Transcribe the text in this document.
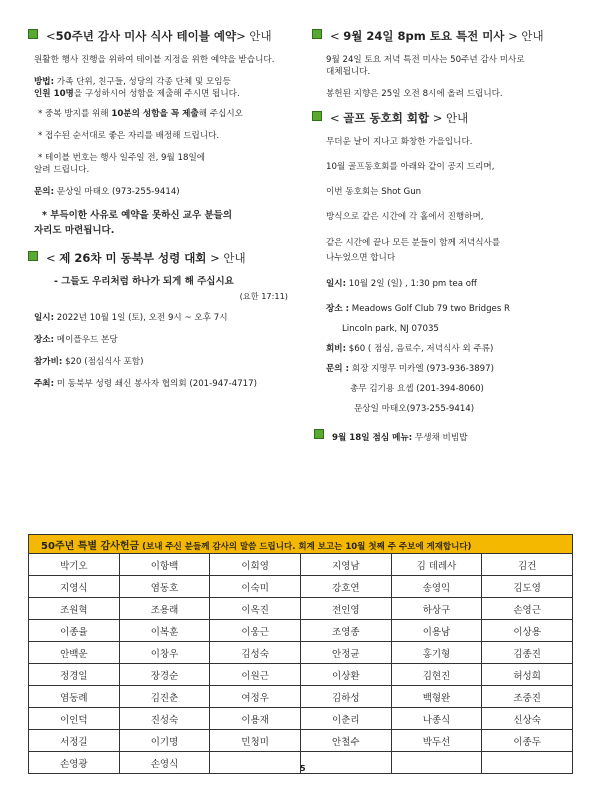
<50주년 감사 미사 식사 테이블 예약> 안내
원활한 행사 진행을 위하여 테이블 지정을 위한 예약을 받습니다.
방법: 가족 단위, 친구들, 성당의 각종 단체 및 모임등
인원 10명을 구성하시어 성함을 제출해 주시면 됩니다.
* 중복 방지를 위해 10분의 성함을 꼭 제출해 주십시오
* 접수된 순서대로 좋은 자리를 배정해 드립니다.
* 테이블 번호는 행사 일주일 전, 9월 18일에
알려 드립니다.
문의: 문상일 마태오 (973-255-9414)
* 부득이한 사유로 예약을 못하신 교우 분들의
자리도 마련됩니다.
< 제 26차 미 동북부 성령 대회 > 안내
- 그들도 우리처럼 하나가 되게 해 주십시요
(요한 17:11)
일시: 2022년 10월 1일 (토), 오전 9시 ~ 오후 7시
장소: 메이플우드 본당
참가비: $20 (점심식사 포함)
주최: 미 동북부 성령 쇄신 봉사자 협의회 (201-947-4717)
< 9월 24일 8pm 토요 특전 미사 > 안내
9월 24일 토요 저녁 특전 미사는 50주년 감사 미사로
대체됩니다.
봉헌된 지향은 25일 오전 8시에 올려 드립니다.
< 골프 동호회 회합 > 안내
무더운 날이 지나고 화창한 가을입니다.
10월 골프동호회를 아래와 같이 공지 드리며,
이번 동호회는 Shot Gun
방식으로 같은 시간에 각 홀에서 진행하며,
같은 시간에 끝나 모든 분들이 함께 저녁식사를
나누었으면 합니다
일시: 10월 2일 (일) , 1:30 pm tea off
장소 : Meadows Golf Club 79 two Bridges R
Lincoln park, NJ 07035
회비: $60 ( 점심, 음료수, 저녁식사 외 주류)
문의 : 회장 지명무 미카엘 (973-936-3897)
총무 김기용 요셉 (201-394-8060)
문상일 마태오(973-255-9414)
9월 18일 점심 메뉴: 무생채 비빔밥
50주년 특별 감사헌금 (보내 주신 분들께 감사의 말씀 드립니다. 회계 보고는 10월 첫째 주 주보에 게재합니다)					
박기오	이항백	이회영	지영남	김 데레사	김건
지영식	염동호	이숙미	강호연	송영익	김도영
조원혁	조용래	이옥진	전인영	하상구	손영근
이종율	이복훈	이웅근	조영종	이용남	이상용
안백운	이창우	김성숙	안정균	홍기형	김종진
정경일	장경순	이원근	이상환	김현진	허성희
염동례	김진춘	여정우	김하성	백형완	조중진
이인덕	진성숙	이용재	이춘리	나종식	신상숙
서정길	이기명	민청미	안철수	박두선	이종두
손영광	손영식					5
